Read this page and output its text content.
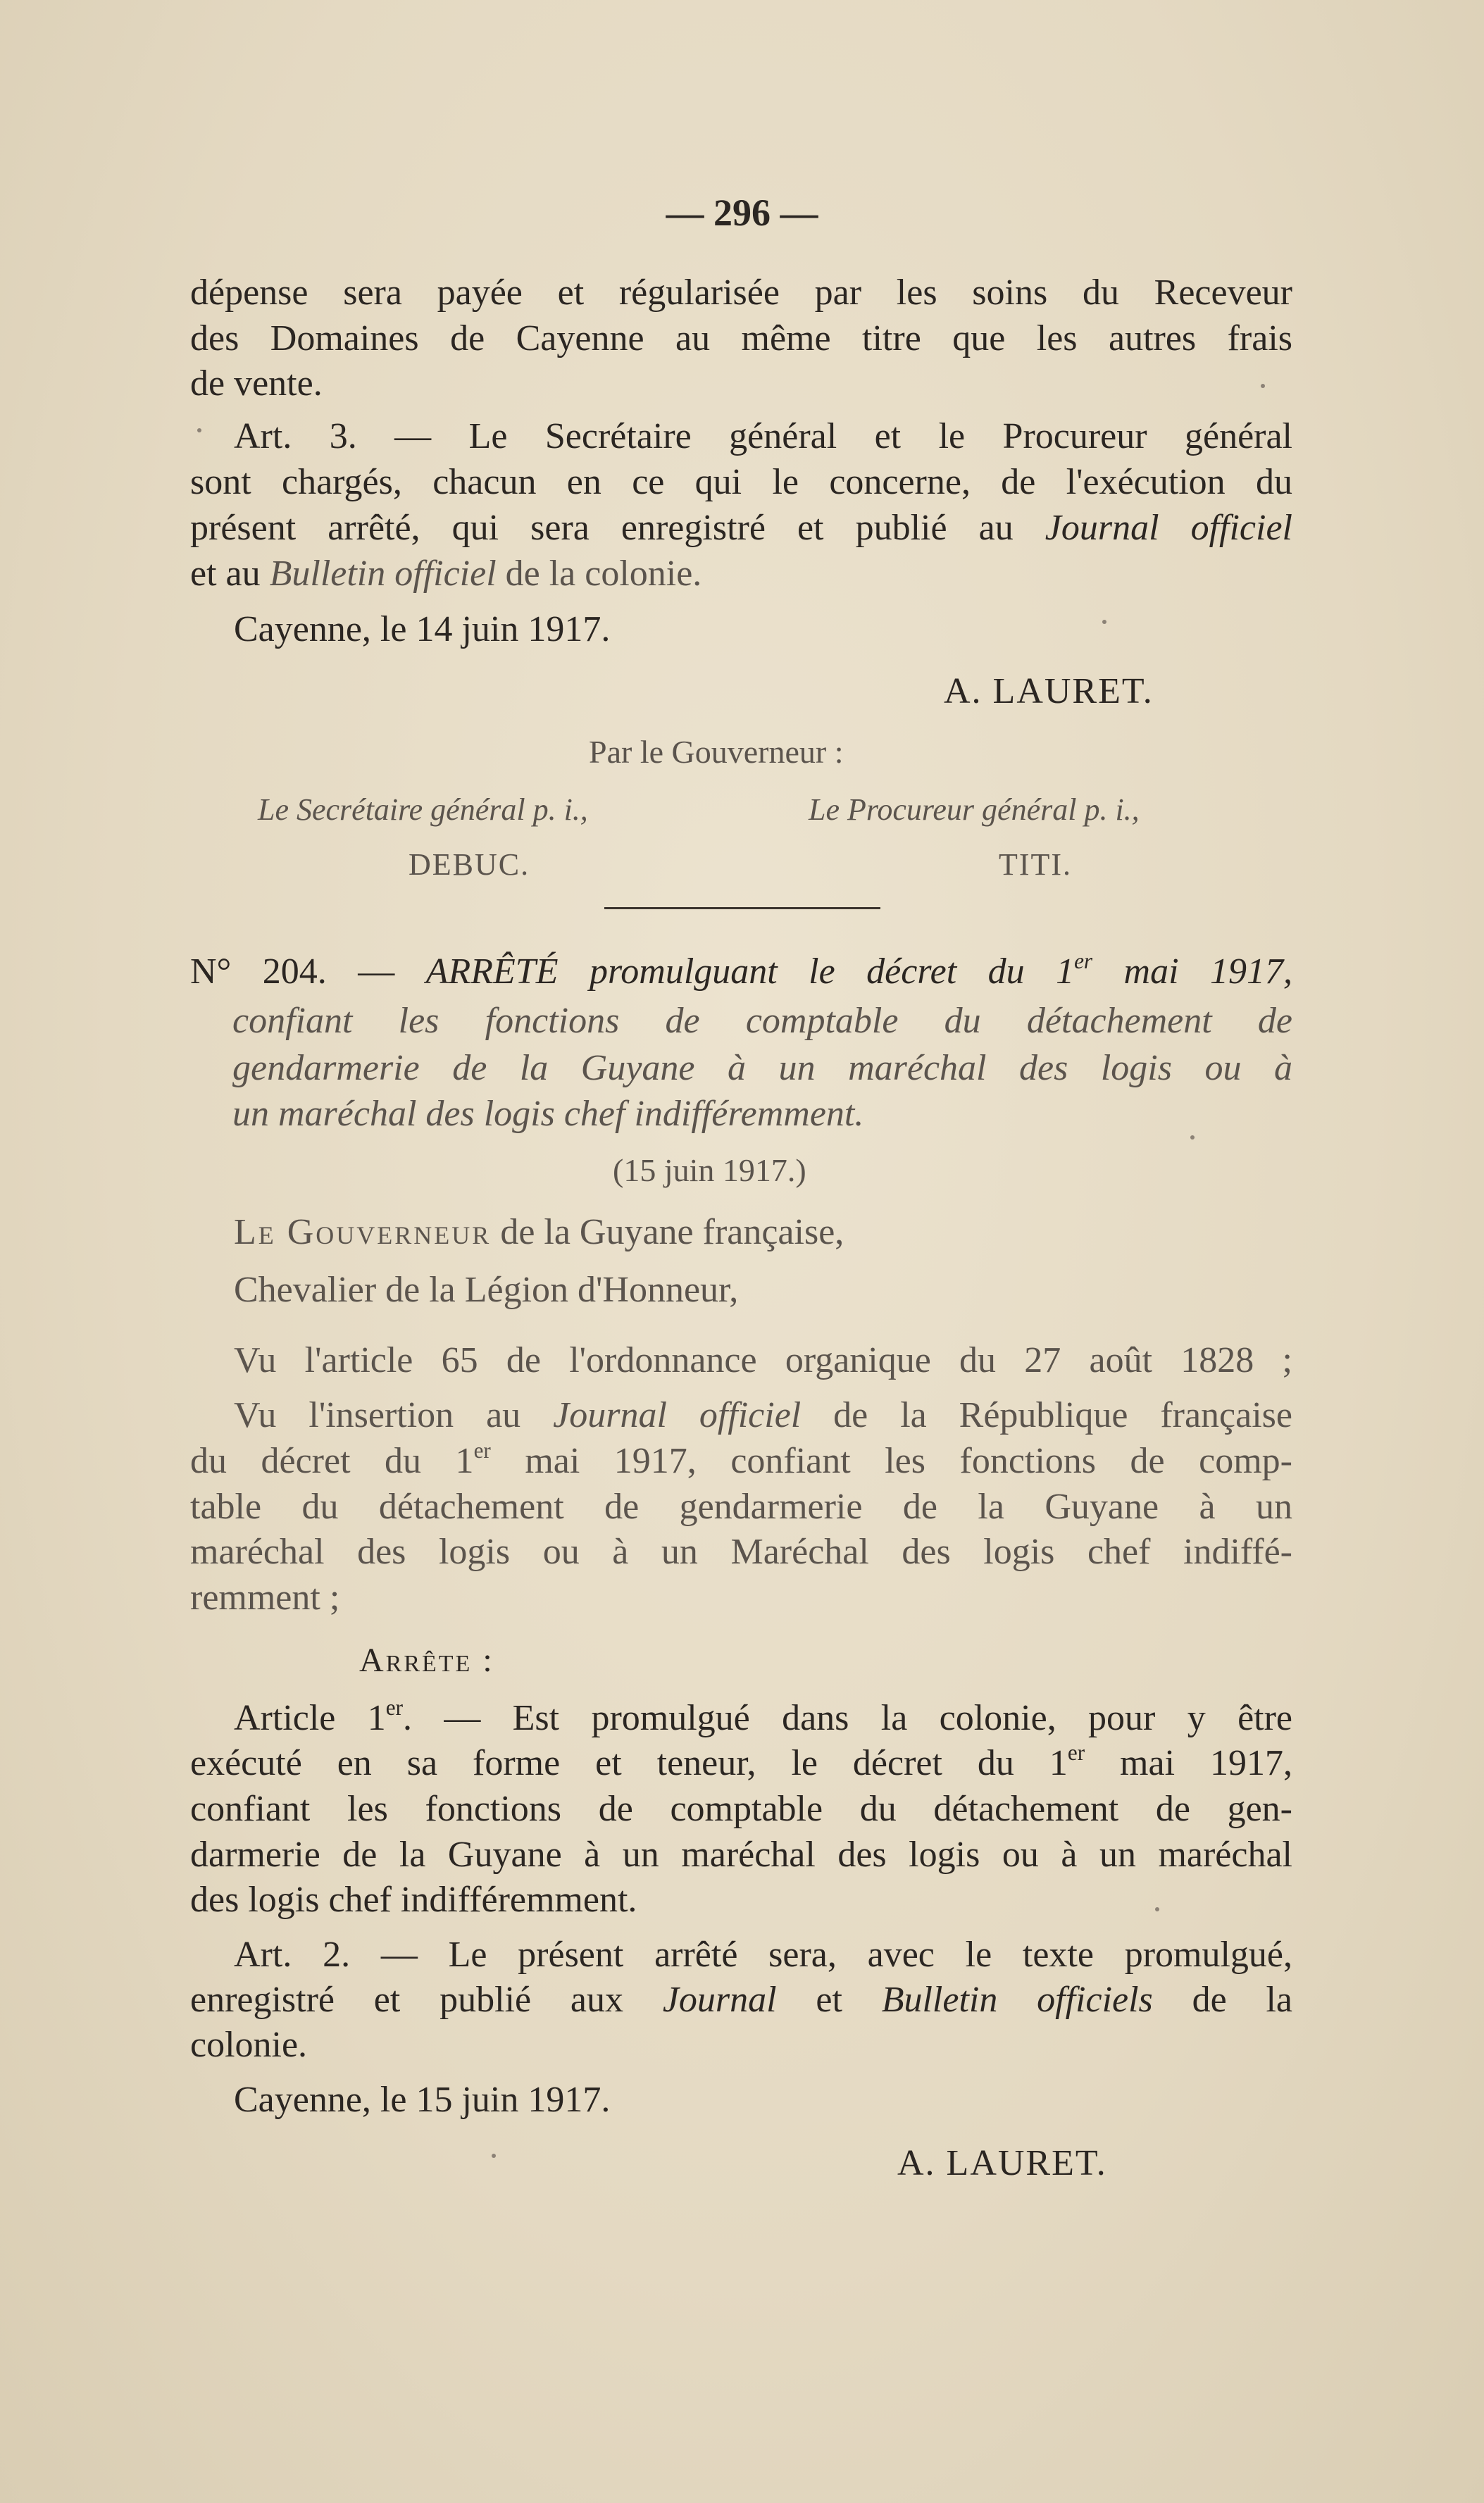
— 296 —
dépense sera payée et régularisée par les soins du Receveur
des Domaines de Cayenne au même titre que les autres frais
de vente.
Art. 3. — Le Secrétaire général et le Procureur général
sont chargés, chacun en ce qui le concerne, de l'exécution du
présent arrêté, qui sera enregistré et publié au Journal officiel
et au Bulletin officiel de la colonie.
Cayenne, le 14 juin 1917.
A. LAURET.
Par le Gouverneur :
Le Secrétaire général p. i.,	Le Procureur général p. i.,
DEBUC.	TITI.
N° 204. — ARRÊTÉ promulguant le décret du 1er mai 1917,
confiant les fonctions de comptable du détachement de
gendarmerie de la Guyane à un maréchal des logis ou à
un maréchal des logis chef indifféremment.
(15 juin 1917.)
Le Gouverneur de la Guyane française,
Chevalier de la Légion d'Honneur,
Vu l'article 65 de l'ordonnance organique du 27 août 1828 ;
Vu l'insertion au Journal officiel de la République française
du décret du 1er mai 1917, confiant les fonctions de comp-
table du détachement de gendarmerie de la Guyane à un
maréchal des logis ou à un Maréchal des logis chef indiffé-
remment ;
Arrête :
Article 1er. — Est promulgué dans la colonie, pour y être
exécuté en sa forme et teneur, le décret du 1er mai 1917,
confiant les fonctions de comptable du détachement de gen-
darmerie de la Guyane à un maréchal des logis ou à un maréchal
des logis chef indifféremment.
Art. 2. — Le présent arrêté sera, avec le texte promulgué,
enregistré et publié aux Journal et Bulletin officiels de la
colonie.
Cayenne, le 15 juin 1917.
A. LAURET.
